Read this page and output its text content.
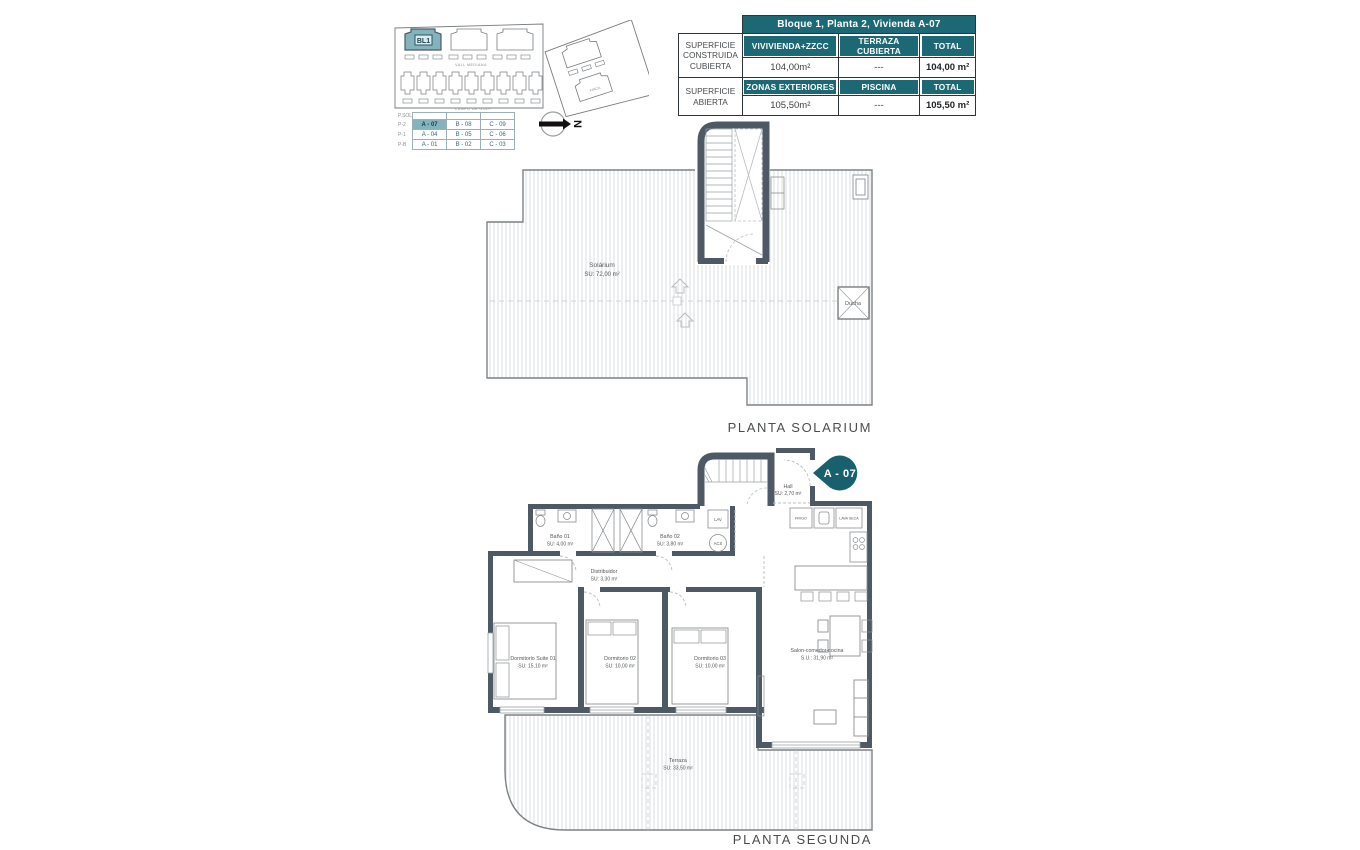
BL1
VALL MEDIANA
CAMPO DE GOLF
FINCA
P.SOL			
P-2	A - 07	B - 08	C - 09
P-1	A - 04	B - 05	C - 06
P-B	A - 01	B - 02	C - 03
N
	Bloque 1, Planta 2, Vivienda A-07		
SUPERFICIE CONSTRUIDA CUBIERTA	VIVIVIENDA+ZZCC	TERRAZA CUBIERTA	TOTAL

	104,00m²	---	104,00 m²
SUPERFICIE ABIERTA	ZONAS EXTERIORES	PISCINA	TOTAL

	105,50m²	---	105,50 m²
Ducha
Solárium
SU: 72,00 m²
PLANTA SOLARIUM
LAV
ACS
FRIGO	LAVA SECA
A - 07
Hall
SU: 2,70 m²
Baño 01
SU: 4,00 m²
Baño 02
SU: 3,80 m²
Distribuidor
SU: 3,30 m²
Dormitorio Suite 01
SU: 15,10 m²
Dormitorio 02
SU: 10,00 m²
Dormitorio 03
SU: 10,00 m²
Salon-comedor-cocina
S.U.: 31,90 m²
Terraza
SU: 33,50 m²
PLANTA SEGUNDA
